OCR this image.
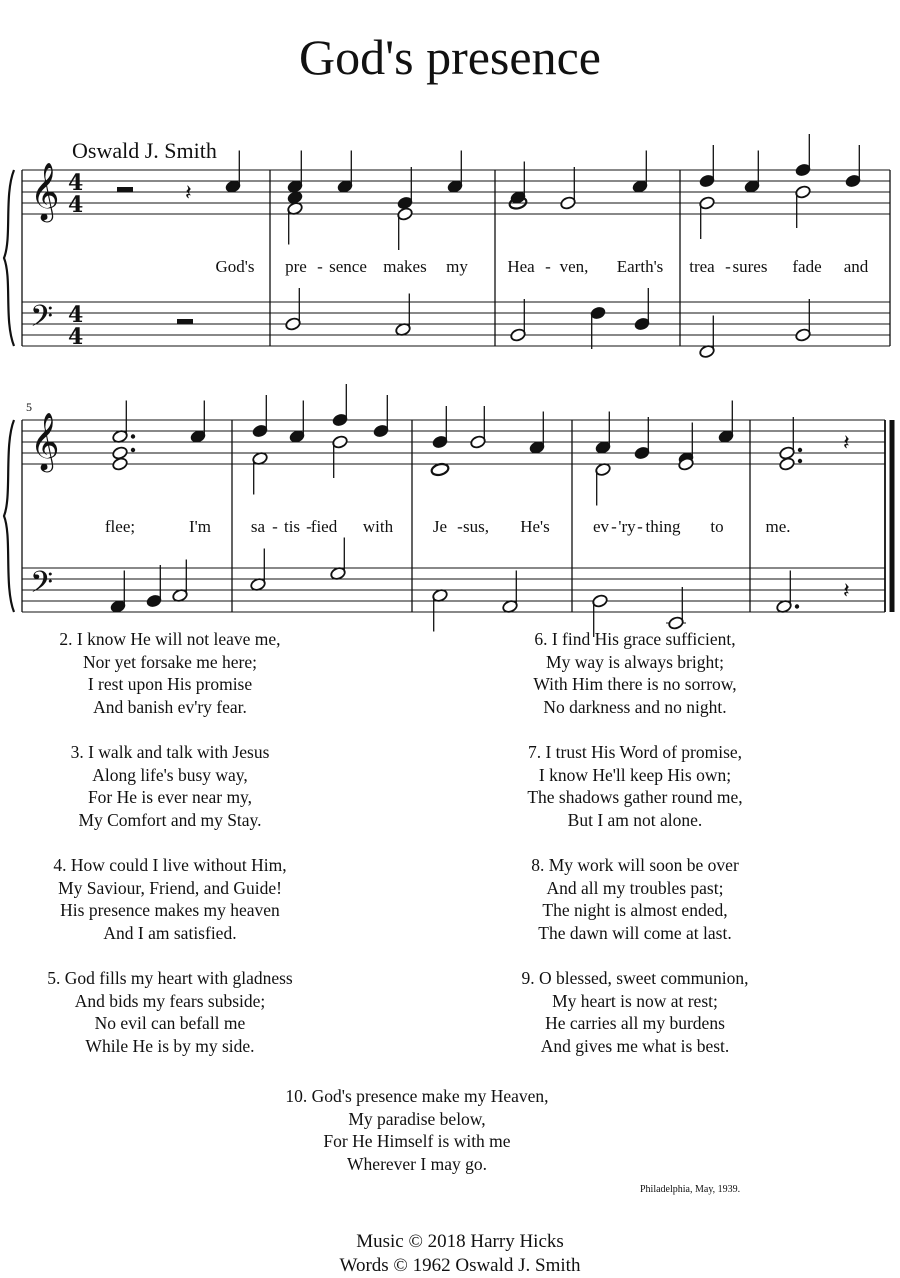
God's presence
Oswald J. Smith
𝄞
𝄢
4
4
4
4
𝄽
God's pre - sence makes my Hea - ven, Earth's trea - sures fade and
5
𝄞
𝄢
𝄽
𝄽
flee;	I'm sa - tis -
fied with Je - sus, He's	ev - 'ry - thing to me.
2. I know He will not leave me,
Nor yet forsake me here;
I rest upon His promise
And banish ev'ry fear.
3. I walk and talk with Jesus
Along life's busy way,
For He is ever near my,
My Comfort and my Stay.
4. How could I live without Him,
My Saviour, Friend, and Guide!
His presence makes my heaven
And I am satisfied.
5. God fills my heart with gladness
And bids my fears subside;
No evil can befall me
While He is by my side.
6. I find His grace sufficient,
My way is always bright;
With Him there is no sorrow,
No darkness and no night.
7. I trust His Word of promise,
I know He'll keep His own;
The shadows gather round me,
But I am not alone.
8. My work will soon be over
And all my troubles past;
The night is almost ended,
The dawn will come at last.
9. O blessed, sweet communion,
My heart is now at rest;
He carries all my burdens
And gives me what is best.
10. God's presence make my Heaven,
My paradise below,
For He Himself is with me
Wherever I may go.
Philadelphia, May, 1939.
Music © 2018 Harry Hicks
Words © 1962 Oswald J. Smith
